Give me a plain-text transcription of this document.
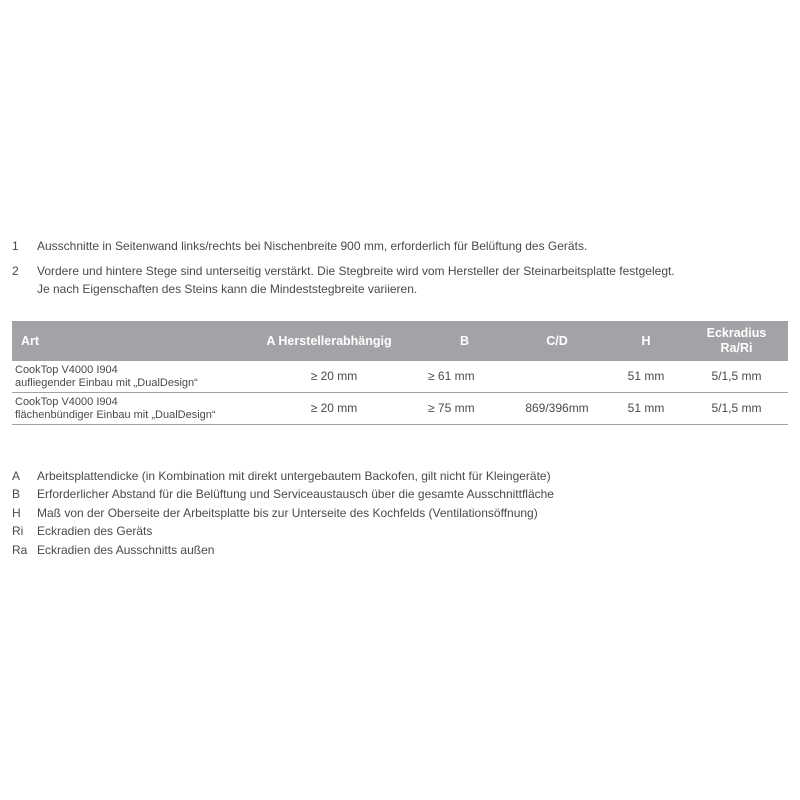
1 Ausschnitte in Seitenwand links/rechts bei Nischenbreite 900 mm, erforderlich für Belüftung des Geräts.
2 Vordere und hintere Stege sind unterseitig verstärkt. Die Stegbreite wird vom Hersteller der Steinarbeitsplatte festgelegt.
Je nach Eigenschaften des Steins kann die Mindeststegbreite variieren.
Art	A Herstellerabhängig	B	C/D	H	Eckradius
Ra/Ri

CookTop V4000 I904
aufliegender Einbau mit „DualDesign“	≥ 20 mm	≥ 61 mm		51 mm	5/1,5 mm

CookTop V4000 I904
flächenbündiger Einbau mit „DualDesign“	≥ 20 mm	≥ 75 mm	869/396mm	51 mm	5/1,5 mm
A Arbeitsplattendicke (in Kombination mit direkt untergebautem Backofen, gilt nicht für Kleingeräte)
B Erforderlicher Abstand für die Belüftung und Serviceaustausch über die gesamte Ausschnittfläche
H Maß von der Oberseite der Arbeitsplatte bis zur Unterseite des Kochfelds (Ventilationsöffnung)
Ri Eckradien des Geräts
Ra Eckradien des Ausschnitts außen
